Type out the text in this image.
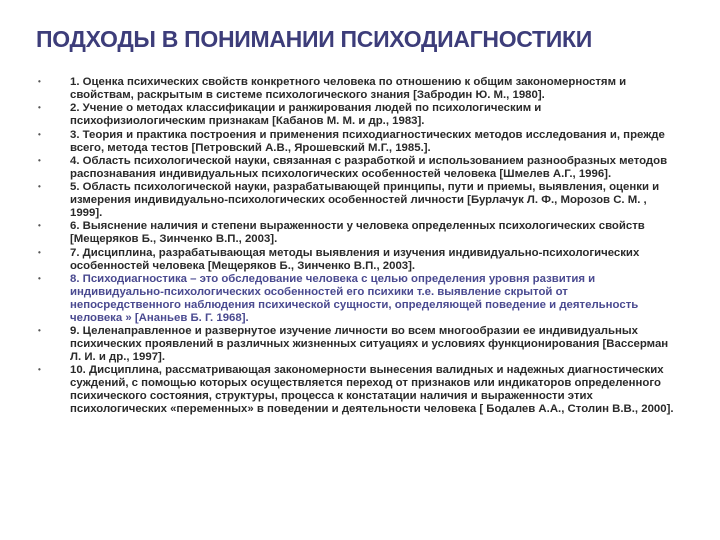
ПОДХОДЫ В ПОНИМАНИИ ПСИХОДИАГНОСТИКИ
•	1. Оценка психических свойств конкретного человека по отношению к общим закономерностям и свойствам, раскрытым в системе психологического знания [Забродин Ю. М., 1980].
•	2. Учение о методах классификации и ранжирования людей по психологическим и психофизиологическим признакам [Кабанов М. М. и др., 1983].
•	3. Теория и практика построения и применения психодиагностических методов исследования и, прежде всего, метода тестов [Петровский А.В., Ярошевский М.Г., 1985.].
•	4. Область психологической науки, связанная с разработкой и использованием разнообразных методов распознавания индивидуальных психологических особенностей человека [Шмелев А.Г., 1996].
•	5. Область психологической науки, разрабатывающей принципы, пути и приемы, выявления, оценки и измерения индивидуально-психологических особенностей личности [Бурлачук Л. Ф., Морозов С. М. , 1999].
•	6. Выяснение наличия и степени выраженности у человека определенных психологических свойств [Мещеряков Б., Зинченко В.П., 2003].
•	7. Дисциплина, разрабатывающая методы выявления и изучения индивидуально-психологических особенностей человека [Мещеряков Б., Зинченко В.П., 2003].
•	8. Психодиагностика – это обследование человека с целью определения уровня развития и индивидуально-психологических особенностей его психики т.е. выявление скрытой от непосредственного наблюдения психической сущности, определяющей поведение и деятельность человека » [Ананьев Б. Г. 1968].
•	9. Целенаправленное и развернутое изучение личности во всем многообразии ее индивидуальных психических проявлений в различных жизненных ситуациях и условиях функционирования [Вассерман Л. И. и др., 1997].
•	10. Дисциплина, рассматривающая закономерности вынесения валидных и надежных диагностических суждений, с помощью которых осуществляется переход от признаков или индикаторов определенного психического состояния, структуры, процесса к констатации наличия и выраженности этих психологических «переменных» в поведении и деятельности человека [ Бодалев А.А., Столин В.В., 2000].
